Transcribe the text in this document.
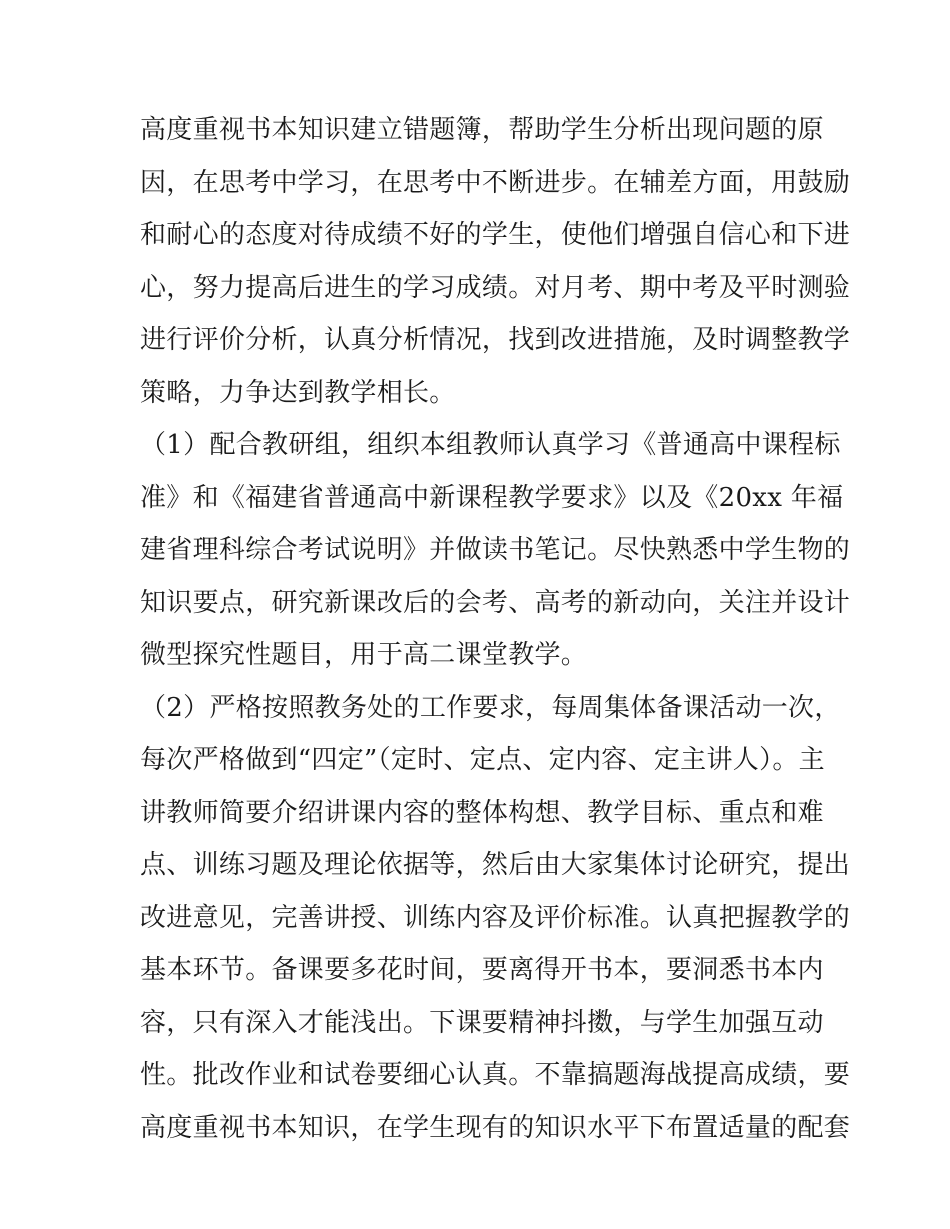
高度重视书本知识建立错题簿，帮助学生分析出现问题的原
因，在思考中学习，在思考中不断进步。在辅差方面，用鼓励
和耐心的态度对待成绩不好的学生，使他们增强自信心和下进
心，努力提高后进生的学习成绩。对月考、期中考及平时测验
进行评价分析，认真分析情况，找到改进措施，及时调整教学
策略，力争达到教学相长。
（1）配合教研组，组织本组教师认真学习《普通高中课程标
准》和《福建省普通高中新课程教学要求》以及《20xx 年福
建省理科综合考试说明》并做读书笔记。尽快熟悉中学生物的
知识要点，研究新课改后的会考、高考的新动向，关注并设计
微型探究性题目，用于高二课堂教学。
（2）严格按照教务处的工作要求，每周集体备课活动一次，
每次严格做到“四定”（定时、定点、定内容、定主讲人）。主
讲教师简要介绍讲课内容的整体构想、教学目标、重点和难
点、训练习题及理论依据等，然后由大家集体讨论研究，提出
改进意见，完善讲授、训练内容及评价标准。认真把握教学的
基本环节。备课要多花时间，要离得开书本，要洞悉书本内
容，只有深入才能浅出。下课要精神抖擞，与学生加强互动
性。批改作业和试卷要细心认真。不靠搞题海战提高成绩，要
高度重视书本知识，在学生现有的知识水平下布置适量的配套
